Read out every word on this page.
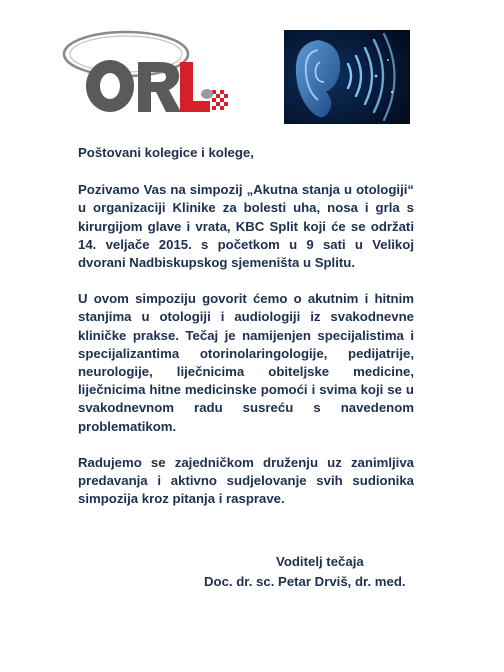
Poštovani kolegice i kolege,

Pozivamo Vas na simpozij „Akutna stanja u otologiji“ u organizaciji Klinike za bolesti uha, nosa i grla s kirurgijom glave i vrata, KBC Split koji će se održati 14. veljače 2015. s početkom u 9 sati u Velikoj dvorani Nadbiskupskog sjemeništa u Splitu.

U ovom simpoziju govorit ćemo o akutnim i hitnim stanjima u otologiji i audiologiji iz svakodnevne kliničke prakse. Tečaj je namijenjen specijalistima i specijalizantima otorinolaringologije, pedijatrije, neurologije, liječnicima obiteljske medicine, liječnicima hitne medicinske pomoći i svima koji se u svakodnevnom radu susreću s navedenom problematikom.

Radujemo se zajedničkom druženju uz zanimljiva predavanja i aktivno sudjelovanje svih sudionika simpozija kroz pitanja i rasprave.

Voditelj tečaja
Doc. dr. sc. Petar Drviš, dr. med.
